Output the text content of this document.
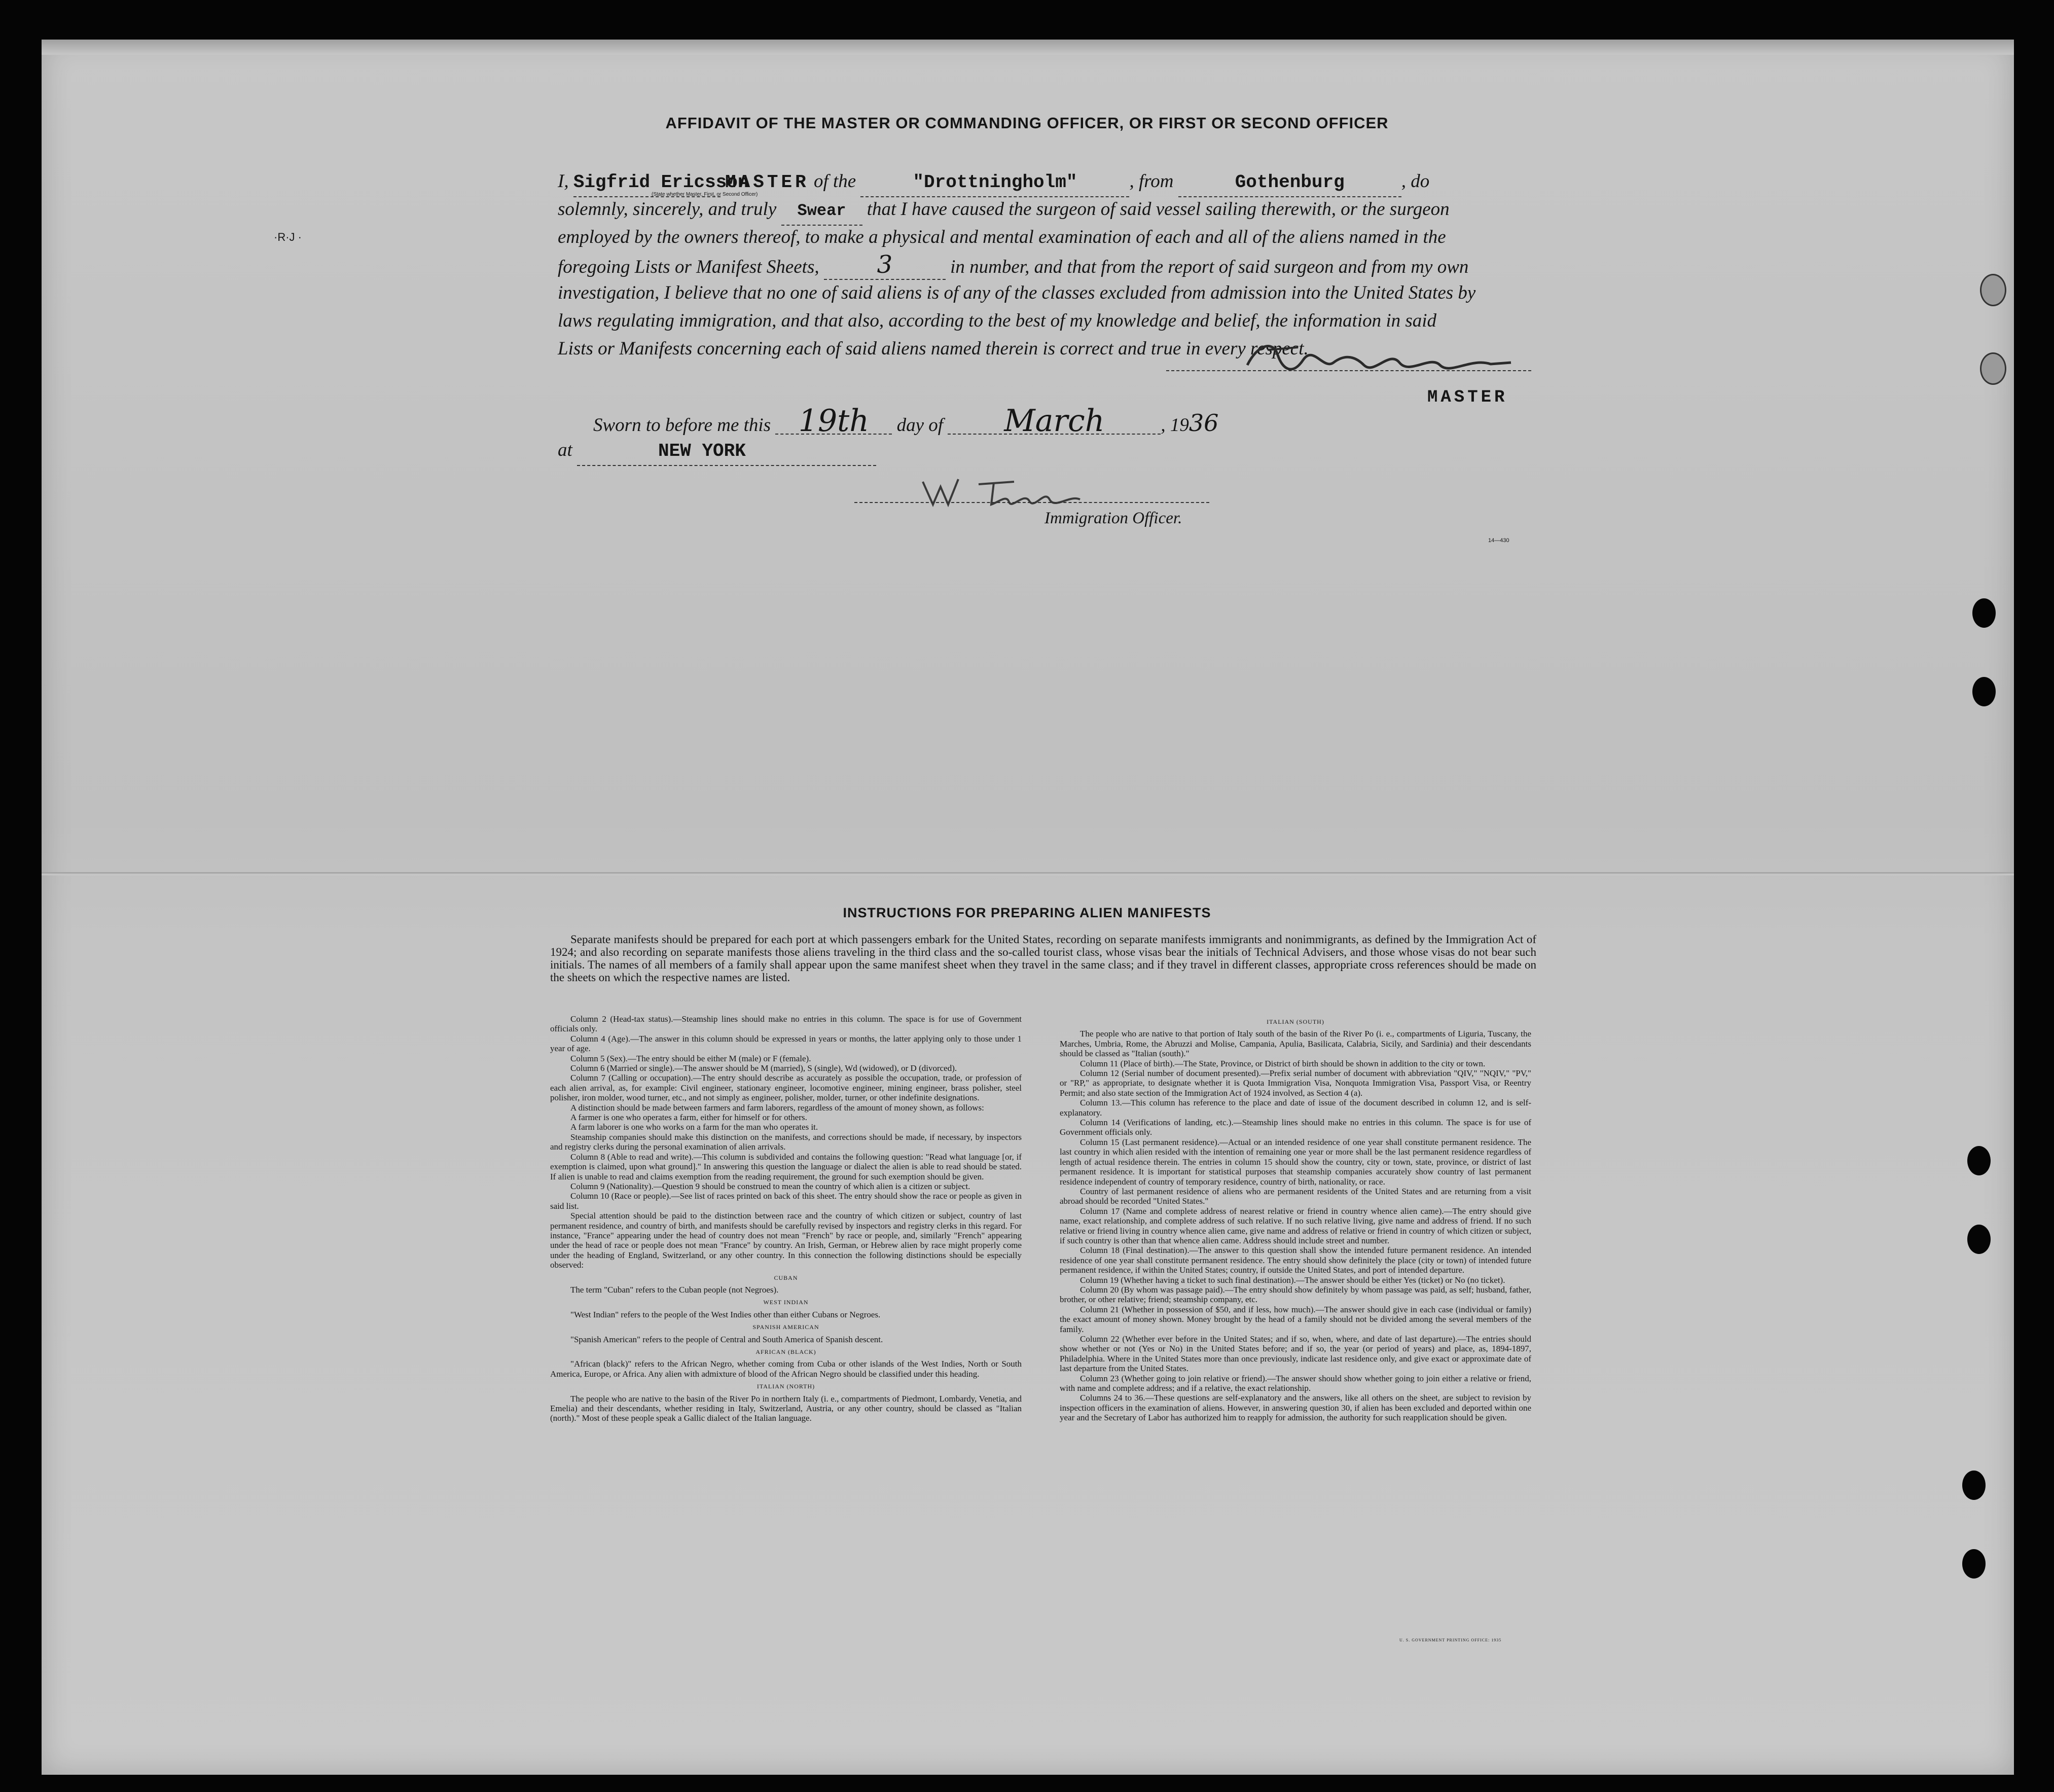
·R·J ·
AFFIDAVIT OF THE MASTER OR COMMANDING OFFICER, OR FIRST OR SECOND OFFICER
I, Sigfrid Ericsson MASTER of the	"Drottningholm"	, from	Gothenburg	, do
(State whether Master, First, or Second Officer)
solemnly, sincerely, and truly Swear that I have caused the surgeon of said vessel sailing therewith, or the surgeon
employed by the owners thereof, to make a physical and mental examination of each and all of the aliens named in the
foregoing Lists or Manifest Sheets, 3	in number, and that from the report of said surgeon and from my own
investigation, I believe that no one of said aliens is of any of the classes excluded from admission into the United States by
laws regulating immigration, and that also, according to the best of my knowledge and belief, the information in said
Lists or Manifests concerning each of said aliens named therein is correct and true in every respect.
MASTER
Sworn to before me this 19th day of March	, 1936
at	NEW YORK
Immigration Officer.
14—430
INSTRUCTIONS FOR PREPARING ALIEN MANIFESTS
Separate manifests should be prepared for each port at which passengers embark for the United States, recording on separate manifests immigrants and nonimmigrants, as defined by the Immigration Act of 1924; and also recording on separate manifests those aliens traveling in the third class and the so-called tourist class, whose visas bear the initials of Technical Advisers, and those whose visas do not bear such initials. The names of all members of a family shall appear upon the same manifest sheet when they travel in the same class; and if they travel in different classes, appropriate cross references should be made on the sheets on which the respective names are listed.

Column 2 (Head-tax status).—Steamship lines should make no entries in this column. The space is for use of Government officials only.

Column 4 (Age).—The answer in this column should be expressed in years or months, the latter applying only to those under 1 year of age.

Column 5 (Sex).—The entry should be either M (male) or F (female).

Column 6 (Married or single).—The answer should be M (married), S (single), Wd (widowed), or D (divorced).

Column 7 (Calling or occupation).—The entry should describe as accurately as possible the occupation, trade, or profession of each alien arrival, as, for example: Civil engineer, stationary engineer, locomotive engineer, mining engineer, brass polisher, steel polisher, iron molder, wood turner, etc., and not simply as engineer, polisher, molder, turner, or other indefinite designations.

A distinction should be made between farmers and farm laborers, regardless of the amount of money shown, as follows:

A farmer is one who operates a farm, either for himself or for others.

A farm laborer is one who works on a farm for the man who operates it.

Steamship companies should make this distinction on the manifests, and corrections should be made, if necessary, by inspectors and registry clerks during the personal examination of alien arrivals.

Column 8 (Able to read and write).—This column is subdivided and contains the following question: "Read what language [or, if exemption is claimed, upon what ground]." In answering this question the language or dialect the alien is able to read should be stated. If alien is unable to read and claims exemption from the reading requirement, the ground for such exemption should be given.

Column 9 (Nationality).—Question 9 should be construed to mean the country of which alien is a citizen or subject.

Column 10 (Race or people).—See list of races printed on back of this sheet. The entry should show the race or people as given in said list.

Special attention should be paid to the distinction between race and the country of which citizen or subject, country of last permanent residence, and country of birth, and manifests should be carefully revised by inspectors and registry clerks in this regard. For instance, "France" appearing under the head of country does not mean "French" by race or people, and, similarly "French" appearing under the head of race or people does not mean "France" by country. An Irish, German, or Hebrew alien by race might properly come under the heading of England, Switzerland, or any other country. In this connection the following distinctions should be especially observed:

CUBAN

The term "Cuban" refers to the Cuban people (not Negroes).

WEST INDIAN

"West Indian" refers to the people of the West Indies other than either Cubans or Negroes.

SPANISH AMERICAN

"Spanish American" refers to the people of Central and South America of Spanish descent.

AFRICAN (BLACK)

"African (black)" refers to the African Negro, whether coming from Cuba or other islands of the West Indies, North or South America, Europe, or Africa. Any alien with admixture of blood of the African Negro should be classified under this heading.

ITALIAN (NORTH)

The people who are native to the basin of the River Po in northern Italy (i. e., compartments of Piedmont, Lombardy, Venetia, and Emelia) and their descendants, whether residing in Italy, Switzerland, Austria, or any other country, should be classed as "Italian (north)." Most of these people speak a Gallic dialect of the Italian language.

ITALIAN (SOUTH)

The people who are native to that portion of Italy south of the basin of the River Po (i. e., compartments of Liguria, Tuscany, the Marches, Umbria, Rome, the Abruzzi and Molise, Campania, Apulia, Basilicata, Calabria, Sicily, and Sardinia) and their descendants should be classed as "Italian (south)."

Column 11 (Place of birth).—The State, Province, or District of birth should be shown in addition to the city or town.

Column 12 (Serial number of document presented).—Prefix serial number of document with abbreviation "QIV," "NQIV," "PV," or "RP," as appropriate, to designate whether it is Quota Immigration Visa, Nonquota Immigration Visa, Passport Visa, or Reentry Permit; and also state section of the Immigration Act of 1924 involved, as Section 4 (a).

Column 13.—This column has reference to the place and date of issue of the document described in column 12, and is self-explanatory.

Column 14 (Verifications of landing, etc.).—Steamship lines should make no entries in this column. The space is for use of Government officials only.

Column 15 (Last permanent residence).—Actual or an intended residence of one year shall constitute permanent residence. The last country in which alien resided with the intention of remaining one year or more shall be the last permanent residence regardless of length of actual residence therein. The entries in column 15 should show the country, city or town, state, province, or district of last permanent residence. It is important for statistical purposes that steamship companies accurately show country of last permanent residence independent of country of temporary residence, country of birth, nationality, or race.

Country of last permanent residence of aliens who are permanent residents of the United States and are returning from a visit abroad should be recorded "United States."

Column 17 (Name and complete address of nearest relative or friend in country whence alien came).—The entry should give name, exact relationship, and complete address of such relative. If no such relative living, give name and address of friend. If no such relative or friend living in country whence alien came, give name and address of relative or friend in country of which citizen or subject, if such country is other than that whence alien came. Address should include street and number.

Column 18 (Final destination).—The answer to this question shall show the intended future permanent residence. An intended residence of one year shall constitute permanent residence. The entry should show definitely the place (city or town) of intended future permanent residence, if within the United States; country, if outside the United States, and port of intended departure.

Column 19 (Whether having a ticket to such final destination).—The answer should be either Yes (ticket) or No (no ticket).

Column 20 (By whom was passage paid).—The entry should show definitely by whom passage was paid, as self; husband, father, brother, or other relative; friend; steamship company, etc.

Column 21 (Whether in possession of $50, and if less, how much).—The answer should give in each case (individual or family) the exact amount of money shown. Money brought by the head of a family should not be divided among the several members of the family.

Column 22 (Whether ever before in the United States; and if so, when, where, and date of last departure).—The entries should show whether or not (Yes or No) in the United States before; and if so, the year (or period of years) and place, as, 1894-1897, Philadelphia. Where in the United States more than once previously, indicate last residence only, and give exact or approximate date of last departure from the United States.

Column 23 (Whether going to join relative or friend).—The answer should show whether going to join either a relative or friend, with name and complete address; and if a relative, the exact relationship.

Columns 24 to 36.—These questions are self-explanatory and the answers, like all others on the sheet, are subject to revision by inspection officers in the examination of aliens. However, in answering question 30, if alien has been excluded and deported within one year and the Secretary of Labor has authorized him to reapply for admission, the authority for such reapplication should be given.

U. S. GOVERNMENT PRINTING OFFICE: 1935
